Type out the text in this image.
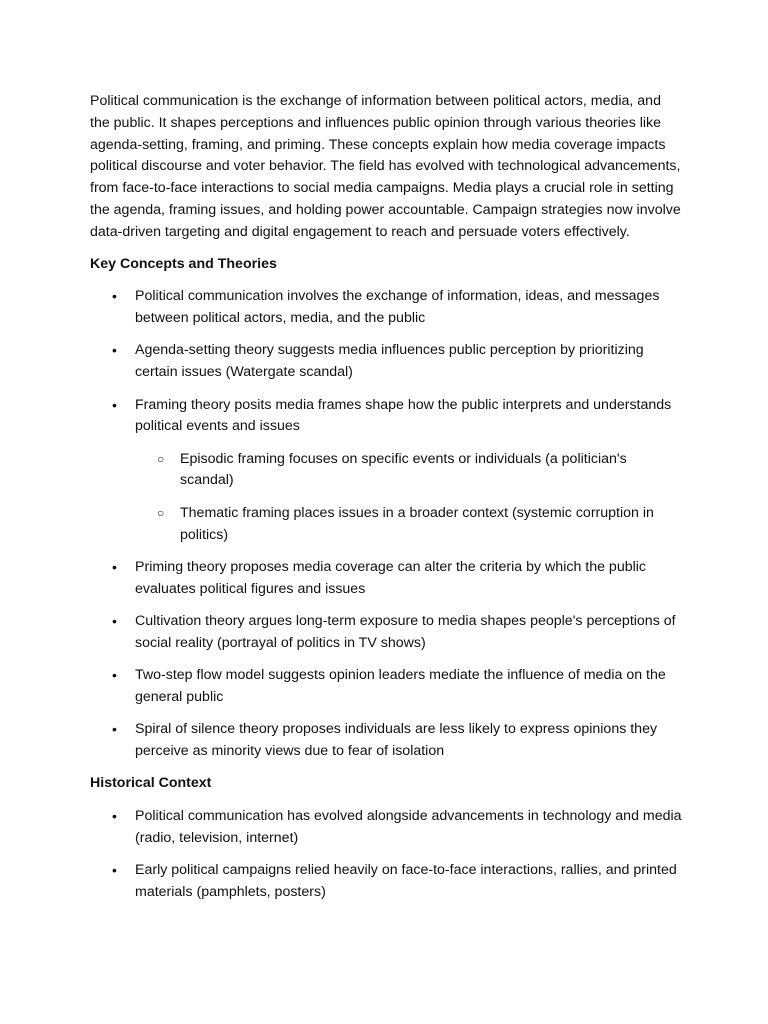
Political communication is the exchange of information between political actors, media, and the public. It shapes perceptions and influences public opinion through various theories like agenda-setting, framing, and priming. These concepts explain how media coverage impacts political discourse and voter behavior. The field has evolved with technological advancements, from face-to-face interactions to social media campaigns. Media plays a crucial role in setting the agenda, framing issues, and holding power accountable. Campaign strategies now involve data-driven targeting and digital engagement to reach and persuade voters effectively.

Key Concepts and Theories

• Political communication involves the exchange of information, ideas, and messages between political actors, media, and the public
• Agenda-setting theory suggests media influences public perception by prioritizing certain issues (Watergate scandal)
• Framing theory posits media frames shape how the public interprets and understands political events and issues
○ Episodic framing focuses on specific events or individuals (a politician's scandal)
○ Thematic framing places issues in a broader context (systemic corruption in politics)
• Priming theory proposes media coverage can alter the criteria by which the public evaluates political figures and issues
• Cultivation theory argues long-term exposure to media shapes people's perceptions of social reality (portrayal of politics in TV shows)
• Two-step flow model suggests opinion leaders mediate the influence of media on the general public
• Spiral of silence theory proposes individuals are less likely to express opinions they perceive as minority views due to fear of isolation

Historical Context

• Political communication has evolved alongside advancements in technology and media (radio, television, internet)
• Early political campaigns relied heavily on face-to-face interactions, rallies, and printed materials (pamphlets, posters)
